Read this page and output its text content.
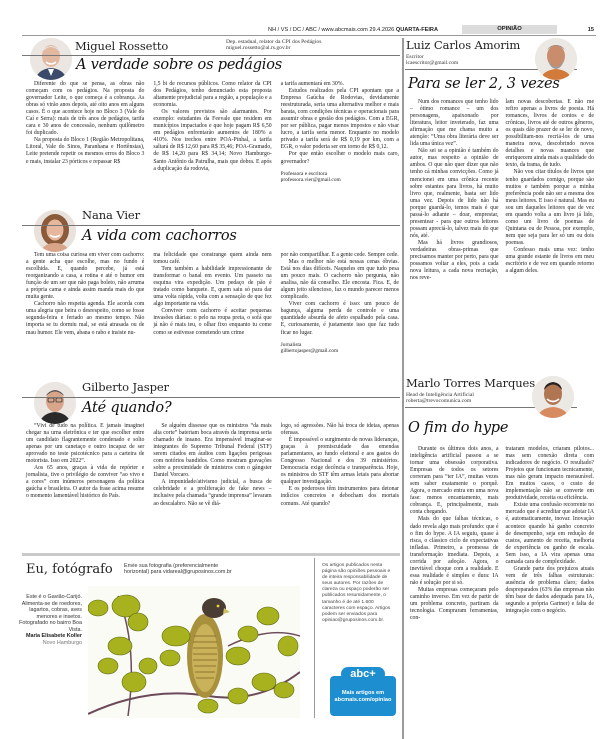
NH / VS / DC / ABC / www.abcmais.com 29.4.2026 QUARTA-FEIRA	OPINIÃO	15
Miguel Rossetto	Dep. estadual, relator da CPI dos Pedágios
miguel.rossetto@al.rs.gov.br
A verdade sobre os pedágios

Diferente do que se pensa, as obras não começam com os pedágios. Na proposta do governador Leite, o que começa é a cobrança. As obras só virão anos depois, até oito anos em alguns casos. É o que acontece hoje no Bloco 3 (Vale do Caí e Serra): mais de três anos de pedágios, tarifa cara e 30 anos de concessão, nenhum quilômetro foi duplicado.

Na proposta do Bloco 1 (Região Metropolitana, Litoral, Vale do Sinos, Paranhana e Hortênsias), Leite pretende repetir os mesmos erros do Bloco 3 e mais, instalar 23 pórticos e repassar R$

1,5 bi de recursos públicos. Como relator da CPI dos Pedágios, tenho denunciado esta proposta altamente prejudicial para a região, a população e a economia.

Os valores previstos são alarmantes. Por exemplo: estudantes da Feevale que residem em municípios impactados e que hoje pagam R$ 6,50 em pedágios enfrentarão aumentos de 180% a 410%. Nos trechos entre POA-Pinhal, a tarifa saltará de R$ 12,60 para R$ 35,46; POA-Gramado, de R$ 14,20 para R$ 34,14; Novo Hamburgo-Santo Antônio da Patrulha, mais que dobra. E após a duplicação da rodovia,

a tarifa aumentará em 30%.

Estudos realizados pela CPI apontam que a Empresa Gaúcha de Rodovias, devidamente reestruturada, seria uma alternativa melhor e mais barata, com condições técnicas e operacionais para assumir obras e gestão dos pedágios. Com a EGR, por ser pública, pagar menos impostos e não visar lucro, a tarifa seria menor. Enquanto no modelo privado a tarifa será de R$ 0,19 por km, com a EGR, o valor poderia ser em torno de R$ 0,12.

Por que então escolher o modelo mais caro, governador?

Professora e escritora
professora.vier@gmail.com
Nana Vier
A vida com cachorros

Tem uma coisa curiosa em viver com cachorro: a gente acha que escolhe, mas no fundo é escolhida. E, quando percebe, já está reorganizando a casa, a rotina e até o humor em função de um ser que não paga boleto, não arruma a própria cama e ainda assim manda mais do que muita gente.

Cachorro não respeita agenda. Ele acorda com uma alegria que beira o desrespeito, como se fosse segunda-feira e feriado ao mesmo tempo. Não importa se tu dormiu mal, se está atrasada ou de mau humor. Ele vem, abana o rabo e insiste nu-

ma felicidade que constrange quem ainda nem tomou café.

Tem também a habilidade impressionante de transformar o banal em evento. Um passeio na esquina vira expedição. Um pedaço de pão é tratado como banquete. E, quem saiu só para dar uma volta rápida, volta com a sensação de que fez algo importante na vida.

Conviver com cachorro é aceitar pequenas invasões diárias: o pelo na roupa preta, o sofá que já não é mais teu, o olhar fixo enquanto tu come como se estivesse cometendo um crime

por não compartilhar. E a gente cede. Sempre cede.

Mas o melhor não está nessas cenas óbvias. Está nos dias difíceis. Naqueles em que tudo pesa um pouco mais. O cachorro não pergunta, não analisa, não dá conselho. Ele encosta. Fica. E, de algum jeito silencioso, faz o mundo parecer menos complicado.

Viver com cachorro é isso: um pouco de bagunça, alguma perda de controle e uma quantidade absurda de afeto espalhado pela casa. E, curiosamente, é justamente isso que faz tudo ficar no lugar.

Jornalista
gilbertojasper@gmail.com
Gilberto Jasper
Até quando?

“Vivi de tudo na política. E jamais imaginei chegar na urna eletrônica e ter que escolher entre um candidato flagrantemente condenado e solto apenas por um canetaço e outro incapaz de ser aprovado no teste psicotécnico para a carteira de motorista. Isso em 2022”.

Aos 65 anos, graças à vida de repórter e jornalista, tive o privilégio de conviver “ao vivo e a cores” com inúmeros personagens da política gaúcha e brasileira. O autor da frase acima resume o momento lamentável histórico do País.

Se alguém dissesse que os ministros “da mais alta corte” bateriam boca através da imprensa seria chamado de insano. Era impensável imaginar-se integrantes do Supremo Tribunal Federal (STF) serem citados em áudios com ligações perigosas com notórios bandidos. Como mostram gravações sobre a proximidade de ministros com o gângster Daniel Vorcaro.

A impunidade/ativismo judicial, a busca de celebridade e a proliferação de fake news – inclusive pela chamada “grande imprensa” levaram ao descalabro. Não se vê diá-

logo, só agressões. Não há troca de ideias, apenas ofensas.

É impossível o surgimento de novas lideranças, graças à promiscuidade das emendas parlamentares, ao fundo eleitoral e aos gastos do Congresso Nacional e dos 39 ministérios. Democracia exige decência e transparência. Hoje, os ministros do STF têm armas letais para abortar qualquer investigação.

E os poderosos têm instrumentos para detonar indícios concretos e debocham dos mortais comuns. Até quando?

Eu, fotógrafo Envie sua fotografia (preferencialmente
horizontal) para vidareal@gruposinos.com.br
Este é o Gavião-Carijó. Alimenta-se de roedores, lagartos, cobras, aves menores e insetos. Fotografado no bairro Boa Vista.
Maria Elisabete Koller
Novo Hamburgo
Os artigos publicados nesta página são opiniões pessoais e de inteira responsabilidade de seus autores. Por razões de clareza ou espaço poderão ser publicados resumidamente, o tamanho é de até 1.600 caracteres com espaço. Artigos podem ser enviados para opiniao@gruposinos.com.br.
Mais artigos em abcmais.com/opiniao
abc+
Luiz Carlos Amorim
Escritor
lcaescritor@gmail.com
Para se ler 2, 3 vezes

Num dos romances que tenho lido – ótimo romance – um dos personagens, apaixonado por literatura, leitor inveterado, faz uma afirmação que me chama muito a atenção: “Uma obra literária deve ser lida uma única vez”.

Não sei se a opinião é também do autor, mas respeito a opinião de ambos. O que não quer dizer que não tenho cá minhas convicções. Como já mencionei em uma crônica recente sobre estantes para livros, há muito livro que, realmente, basta ser lido uma vez. Depois de lido não há porque guardá-lo, temos mais é que passá-lo adiante – doar, emprestar, presentear - para que outros leitores possam apreciá-lo, talvez mais do que nós, até.

Mas há livros grandiosos, verdadeiras obras-primas que precisamos manter por perto, para que possamos voltar a eles, pois a cada nova leitura, a cada nova recriação, nos reve-

lam novas descobertas. E não me refiro apenas a livros de poesia. Há romances, livros de contos e de crônicas, livros até de outros gêneros, os quais dão prazer de se ler de novo, possibilitam-nos recriá-los de uma maneira nova, descobrindo novos detalhes e novas nuances que enriquecem ainda mais a qualidade do texto, da trama, de tudo.

Não vou citar títulos de livros que tenho guardados comigo, porque são muitos e também porque a minha preferência pode não ser a mesma dos meus leitores. E isso é natural. Mas eu sou um daqueles leitores que de vez em quando volta a um livro já lido, como um livro de poemas de Quintana ou de Pessoa, por exemplo, nem que seja para ler só um ou dois poemas.

Confesso mais uma vez: tenho uma grande estante de livros em meu escritório e de vez em quando retorno a algum deles.

Marlo Torres Marques
Head de Inteligência Artificial
roberta@trevocomunica.com
O fim do hype

Durante os últimos dois anos, a inteligência artificial passou a se tornar uma obsessão corporativa. Empresas de todos os setores correram para “ter IA”, muitas vezes sem saber exatamente o porquê. Agora, o mercado entra em uma nova fase: menos encantamento, mais cobrança. E, principalmente, mais conta chegando.

Mais do que falhas técnicas, o dado revela algo mais profundo: que é o fim do hype. A IA seguiu, quase à risca, o clássico ciclo de expectativas infladas. Primeiro, a promessa de transformação imediata. Depois, a corrida por adoção. Agora, o inevitável choque com a realidade. E essa realidade é simples e dura: IA não é solução por si só.

Muitas empresas começaram pelo caminho inverso. Em vez de partir de um problema concreto, partiram da tecnologia. Compraram ferramentas, con-

trataram modelos, criaram pilotos... mas sem conexão direta com indicadores de negócio. O resultado? Projetos que funcionam tecnicamente, mas não geram impacto mensurável. Em muitos casos, o custo de implementação não se converte em produtividade, receita ou eficiência.

Existe uma confusão recorrente no mercado que é acreditar que adotar IA é, automaticamente, inovar. Inovação acontece quando há ganho concreto de desempenho, seja em redução de custos, aumento de receita, melhoria de experiência ou ganho de escala. Sem isso, a IA vira apenas uma camada cara de complexidade.

Grande parte dos prejuízos atuais vem de três falhas estruturais: ausência de problema claro; dados despreparados (63% das empresas não têm base de dados adequada para IA, segundo a própria Gartner) e falta de integração com o negócio.
